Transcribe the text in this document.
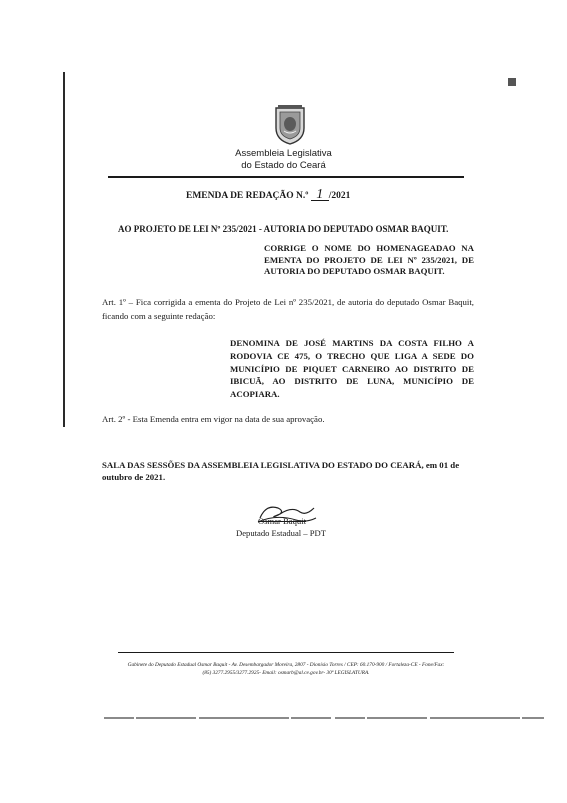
Assembleia Legislativa
do Estado do Ceará
EMENDA DE REDAÇÃO N.º 1 /2021
AO PROJETO DE LEI Nº 235/2021 - AUTORIA DO DEPUTADO OSMAR BAQUIT.
CORRIGE O NOME DO HOMENAGEADAO NA EMENTA DO PROJETO DE LEI Nº 235/2021, DE AUTORIA DO DEPUTADO OSMAR BAQUIT.
Art. 1º – Fica corrigida a ementa do Projeto de Lei nº 235/2021, de autoria do deputado Osmar Baquit, ficando com a seguinte redação:
DENOMINA DE JOSÉ MARTINS DA COSTA FILHO A RODOVIA CE 475, O TRECHO QUE LIGA A SEDE DO MUNICÍPIO DE PIQUET CARNEIRO AO DISTRITO DE IBICUÃ, AO DISTRITO DE LUNA, MUNICÍPIO DE ACOPIARA.
Art. 2º - Esta Emenda entra em vigor na data de sua aprovação.
SALA DAS SESSÕES DA ASSEMBLEIA LEGISLATIVA DO ESTADO DO CEARÁ, em 01 de outubro de 2021.
Osmar Baquit
Deputado Estadual – PDT
Gabinete do Deputado Estadual Osmar Baquit - Av. Desembargador Moreira, 2807 - Dionísio Torres / CEP: 60.170-900 / Fortaleza-CE - Fone/Fax:
(85) 3277.2955/3277.2925- Email: osmarb@al.ce.gov.br- 30ª LEGISLATURA.
